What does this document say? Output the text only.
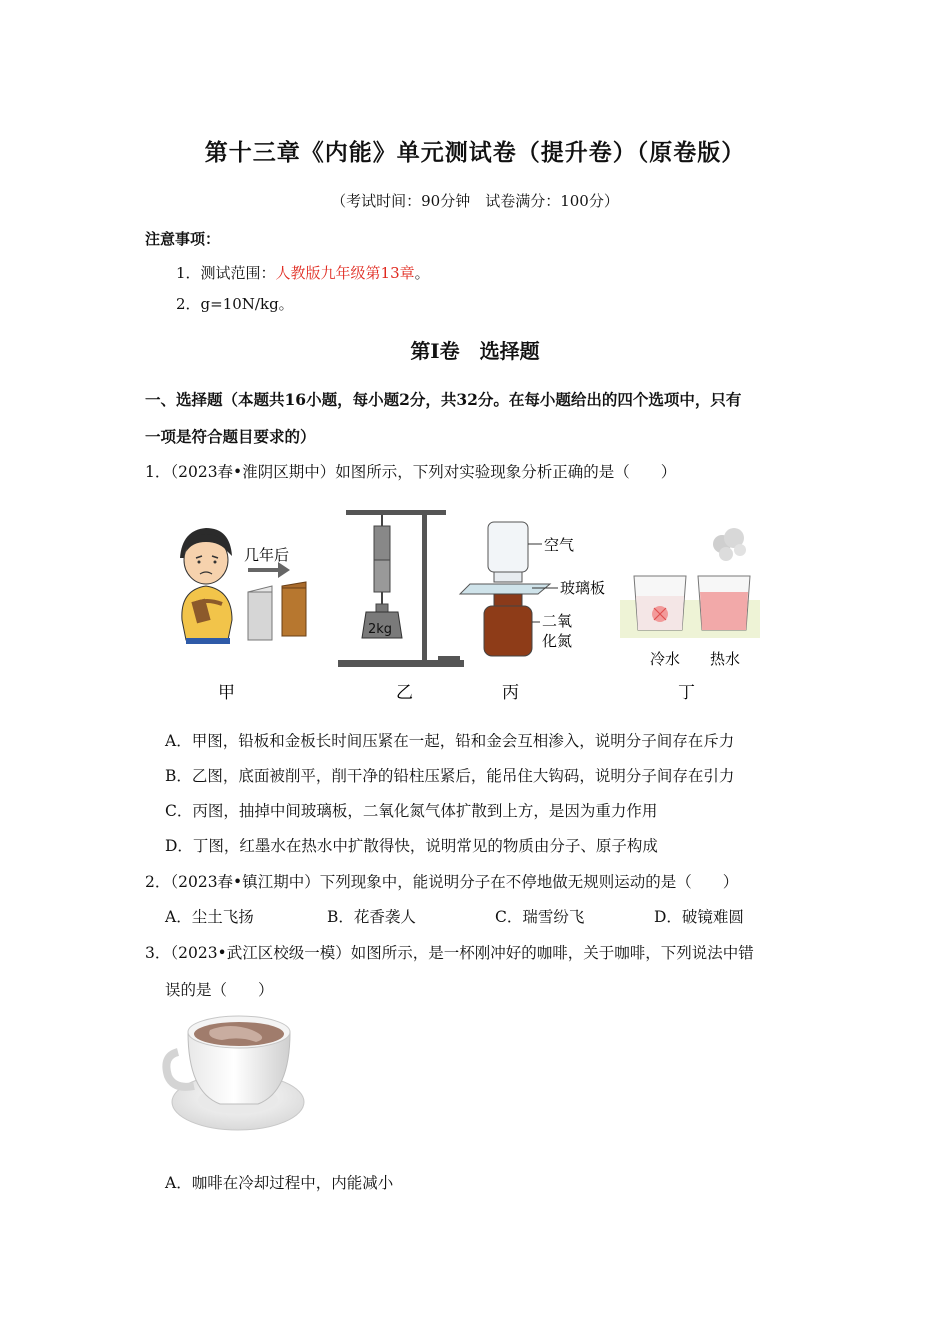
第十三章《内能》单元测试卷（提升卷）（原卷版）
（考试时间：90分钟　试卷满分：100分）
注意事项：
1．测试范围：人教版九年级第13章。
2．g=10N/kg。
第Ⅰ卷　选择题
一、选择题（本题共16小题，每小题2分，共32分。在每小题给出的四个选项中，只有
一项是符合题目要求的）
1．（2023春•淮阴区期中）如图所示，下列对实验现象分析正确的是（　　）
几年后
2kg
空气
玻璃板
二氧
化氮
冷水 热水
甲	乙	丙	丁
A．甲图，铅板和金板长时间压紧在一起，铅和金会互相渗入，说明分子间存在斥力
B．乙图，底面被削平，削干净的铅柱压紧后，能吊住大钩码，说明分子间存在引力
C．丙图，抽掉中间玻璃板，二氧化氮气体扩散到上方，是因为重力作用
D．丁图，红墨水在热水中扩散得快，说明常见的物质由分子、原子构成
2．（2023春•镇江期中）下列现象中，能说明分子在不停地做无规则运动的是（　　）
A．尘土飞扬	B．花香袭人	C．瑞雪纷飞	D．破镜难圆
3．（2023•武江区校级一模）如图所示，是一杯刚冲好的咖啡，关于咖啡，下列说法中错
误的是（　　）
A．咖啡在冷却过程中，内能减小
